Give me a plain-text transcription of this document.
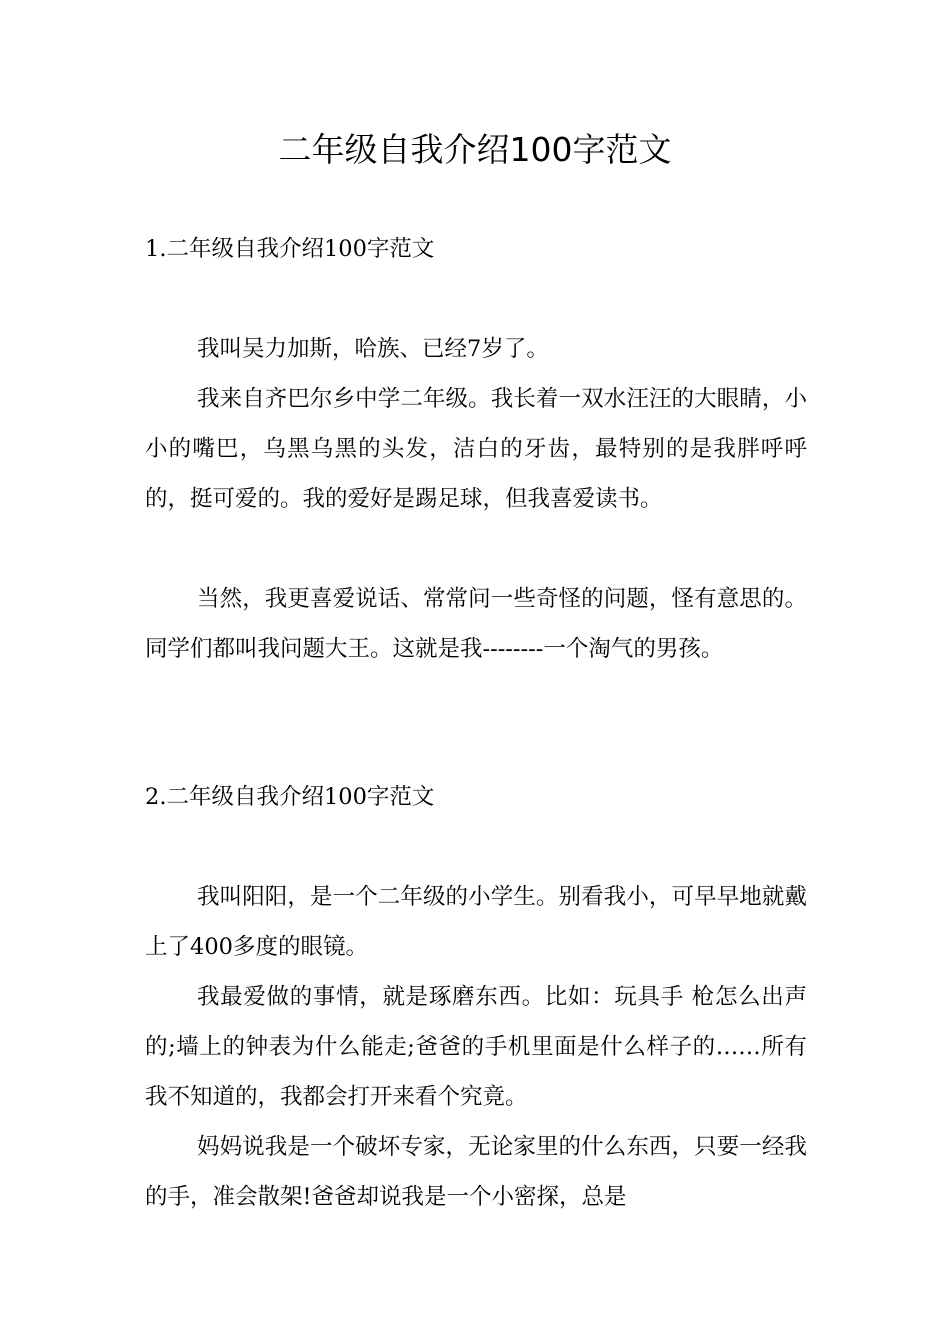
二年级自我介绍100字范文

1.二年级自我介绍100字范文

我叫吴力加斯，哈族、已经7岁了。

我来自齐巴尔乡中学二年级。我长着一双水汪汪的大眼睛，小小的嘴巴，乌黑乌黑的头发，洁白的牙齿，最特别的是我胖呼呼的，挺可爱的。我的爱好是踢足球，但我喜爱读书。

当然，我更喜爱说话、常常问一些奇怪的问题，怪有意思的。同学们都叫我问题大王。这就是我--------一个淘气的男孩。

2.二年级自我介绍100字范文

我叫阳阳，是一个二年级的小学生。别看我小，可早早地就戴上了400多度的眼镜。

我最爱做的事情，就是琢磨东西。比如：玩具手 枪怎么出声的;墙上的钟表为什么能走;爸爸的手机里面是什么样子的……所有我不知道的，我都会打开来看个究竟。

妈妈说我是一个破坏专家，无论家里的什么东西，只要一经我的手，准会散架!爸爸却说我是一个小密探，总是
